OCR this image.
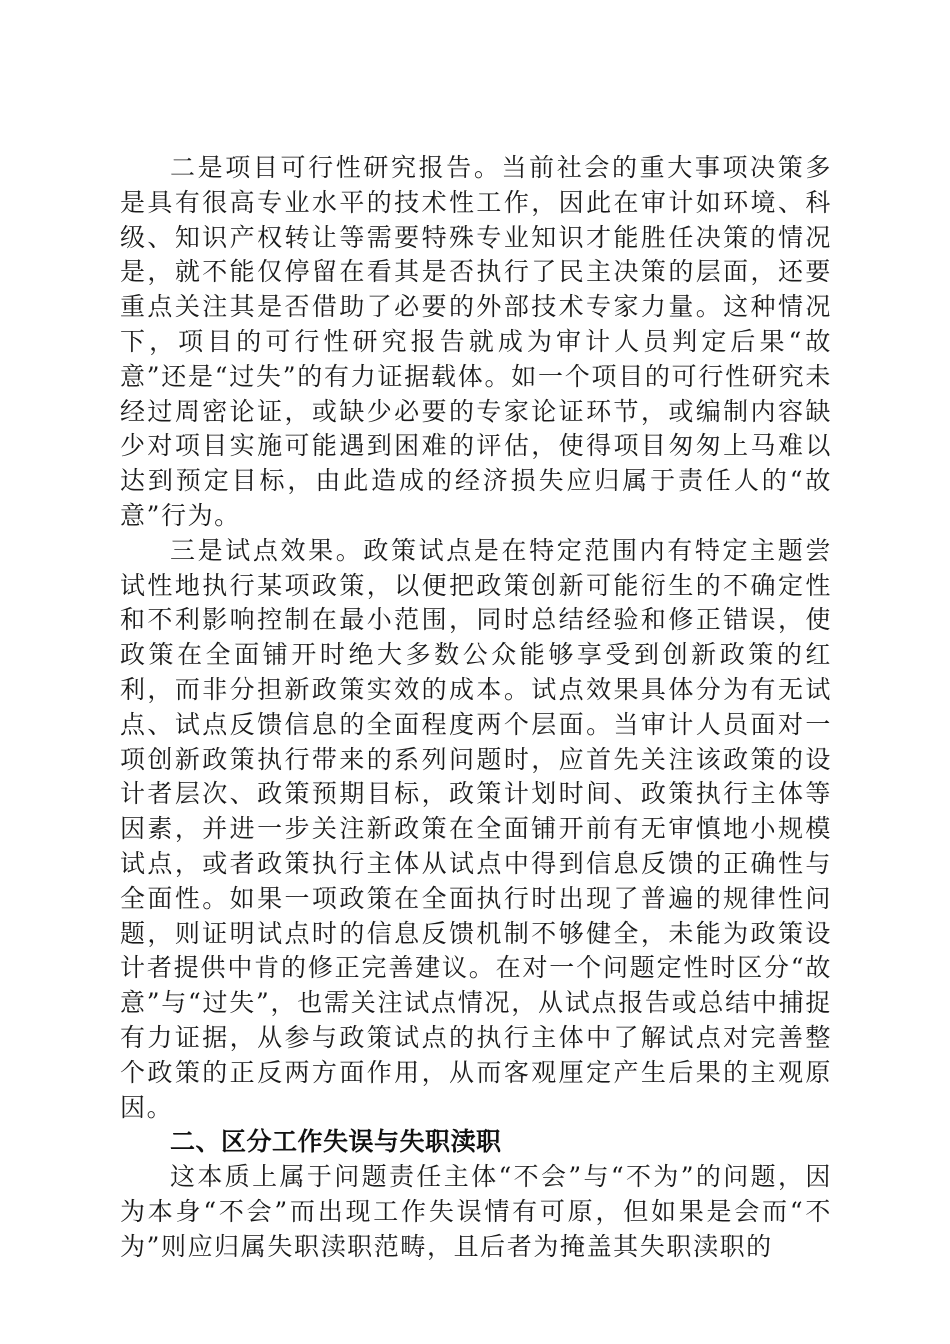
二是项目可行性研究报告。当前社会的重大事项决策多是具有很高专业水平的技术性工作，因此在审计如环境、科级、知识产权转让等需要特殊专业知识才能胜任决策的情况是，就不能仅停留在看其是否执行了民主决策的层面，还要重点关注其是否借助了必要的外部技术专家力量。这种情况下，项目的可行性研究报告就成为审计人员判定后果“故意”还是“过失”的有力证据载体。如一个项目的可行性研究未经过周密论证，或缺少必要的专家论证环节，或编制内容缺少对项目实施可能遇到困难的评估，使得项目匆匆上马难以达到预定目标，由此造成的经济损失应归属于责任人的“故意”行为。

三是试点效果。政策试点是在特定范围内有特定主题尝试性地执行某项政策，以便把政策创新可能衍生的不确定性和不利影响控制在最小范围，同时总结经验和修正错误，使政策在全面铺开时绝大多数公众能够享受到创新政策的红利，而非分担新政策实效的成本。试点效果具体分为有无试点、试点反馈信息的全面程度两个层面。当审计人员面对一项创新政策执行带来的系列问题时，应首先关注该政策的设计者层次、政策预期目标，政策计划时间、政策执行主体等因素，并进一步关注新政策在全面铺开前有无审慎地小规模试点，或者政策执行主体从试点中得到信息反馈的正确性与全面性。如果一项政策在全面执行时出现了普遍的规律性问题，则证明试点时的信息反馈机制不够健全，未能为政策设计者提供中肯的修正完善建议。在对一个问题定性时区分“故意”与“过失”，也需关注试点情况，从试点报告或总结中捕捉有力证据，从参与政策试点的执行主体中了解试点对完善整个政策的正反两方面作用，从而客观厘定产生后果的主观原因。

二、区分工作失误与失职渎职

这本质上属于问题责任主体“不会”与“不为”的问题，因为本身“不会”而出现工作失误情有可原，但如果是会而“不为”则应归属失职渎职范畴，且后者为掩盖其失职渎职的
